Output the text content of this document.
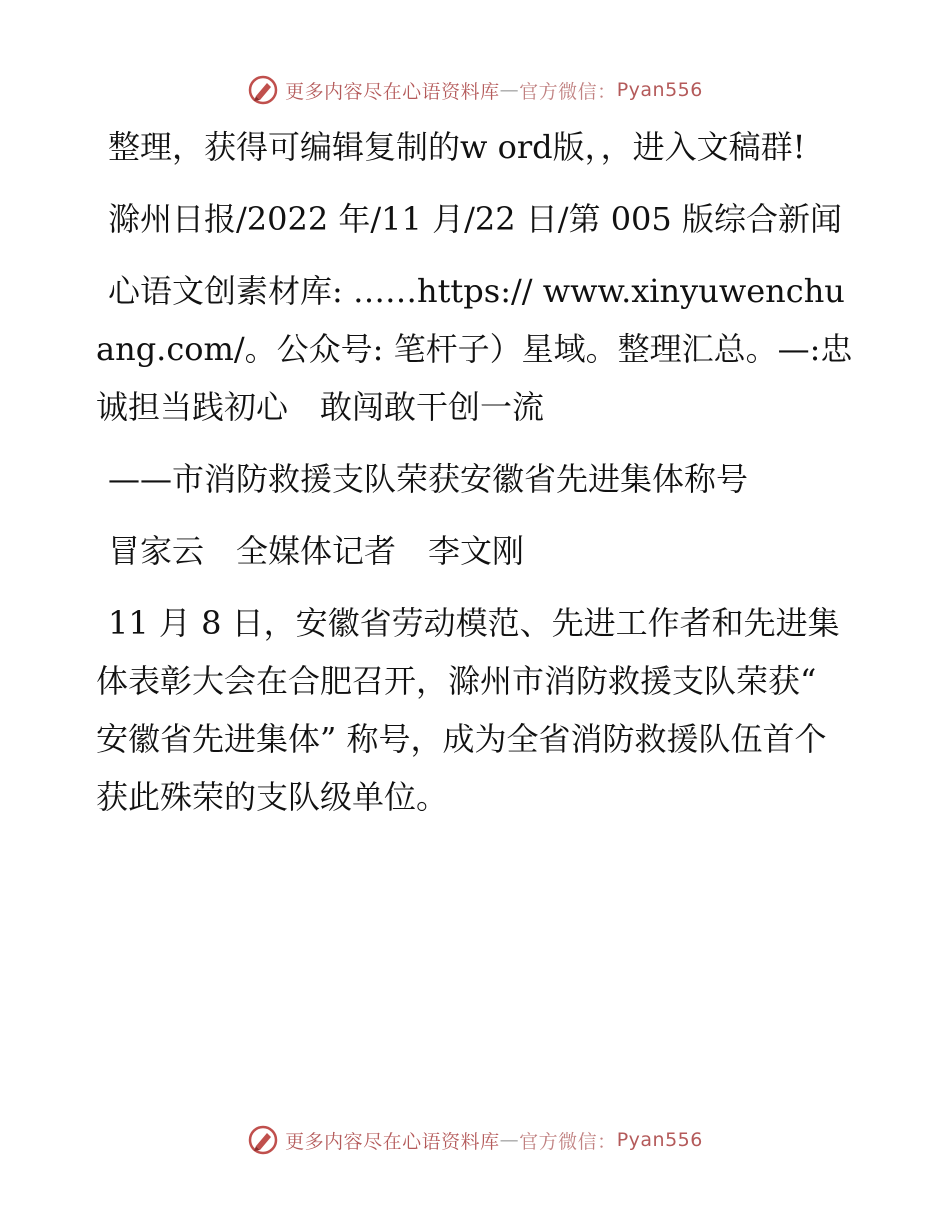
更多内容尽在心语资料库 — 官方微信： Pyan556

整理，获得可编辑复制的w ord版，，进入文稿群!

滁州日报/2022 年/11 月/22 日/第 005 版综合新闻

心语文创素材库: ……https:// www.xinyuwenchuang.com/。公众号: 笔杆子）星域。整理汇总。—:忠诚担当践初心　敢闯敢干创一流

——市消防救援支队荣获安徽省先进集体称号

冒家云　全媒体记者　李文刚

11 月 8 日，安徽省劳动模范、先进工作者和先进集体表彰大会在合肥召开，滁州市消防救援支队荣获“ 安徽省先进集体” 称号，成为全省消防救援队伍首个获此殊荣的支队级单位。

更多内容尽在心语资料库 — 官方微信： Pyan556
